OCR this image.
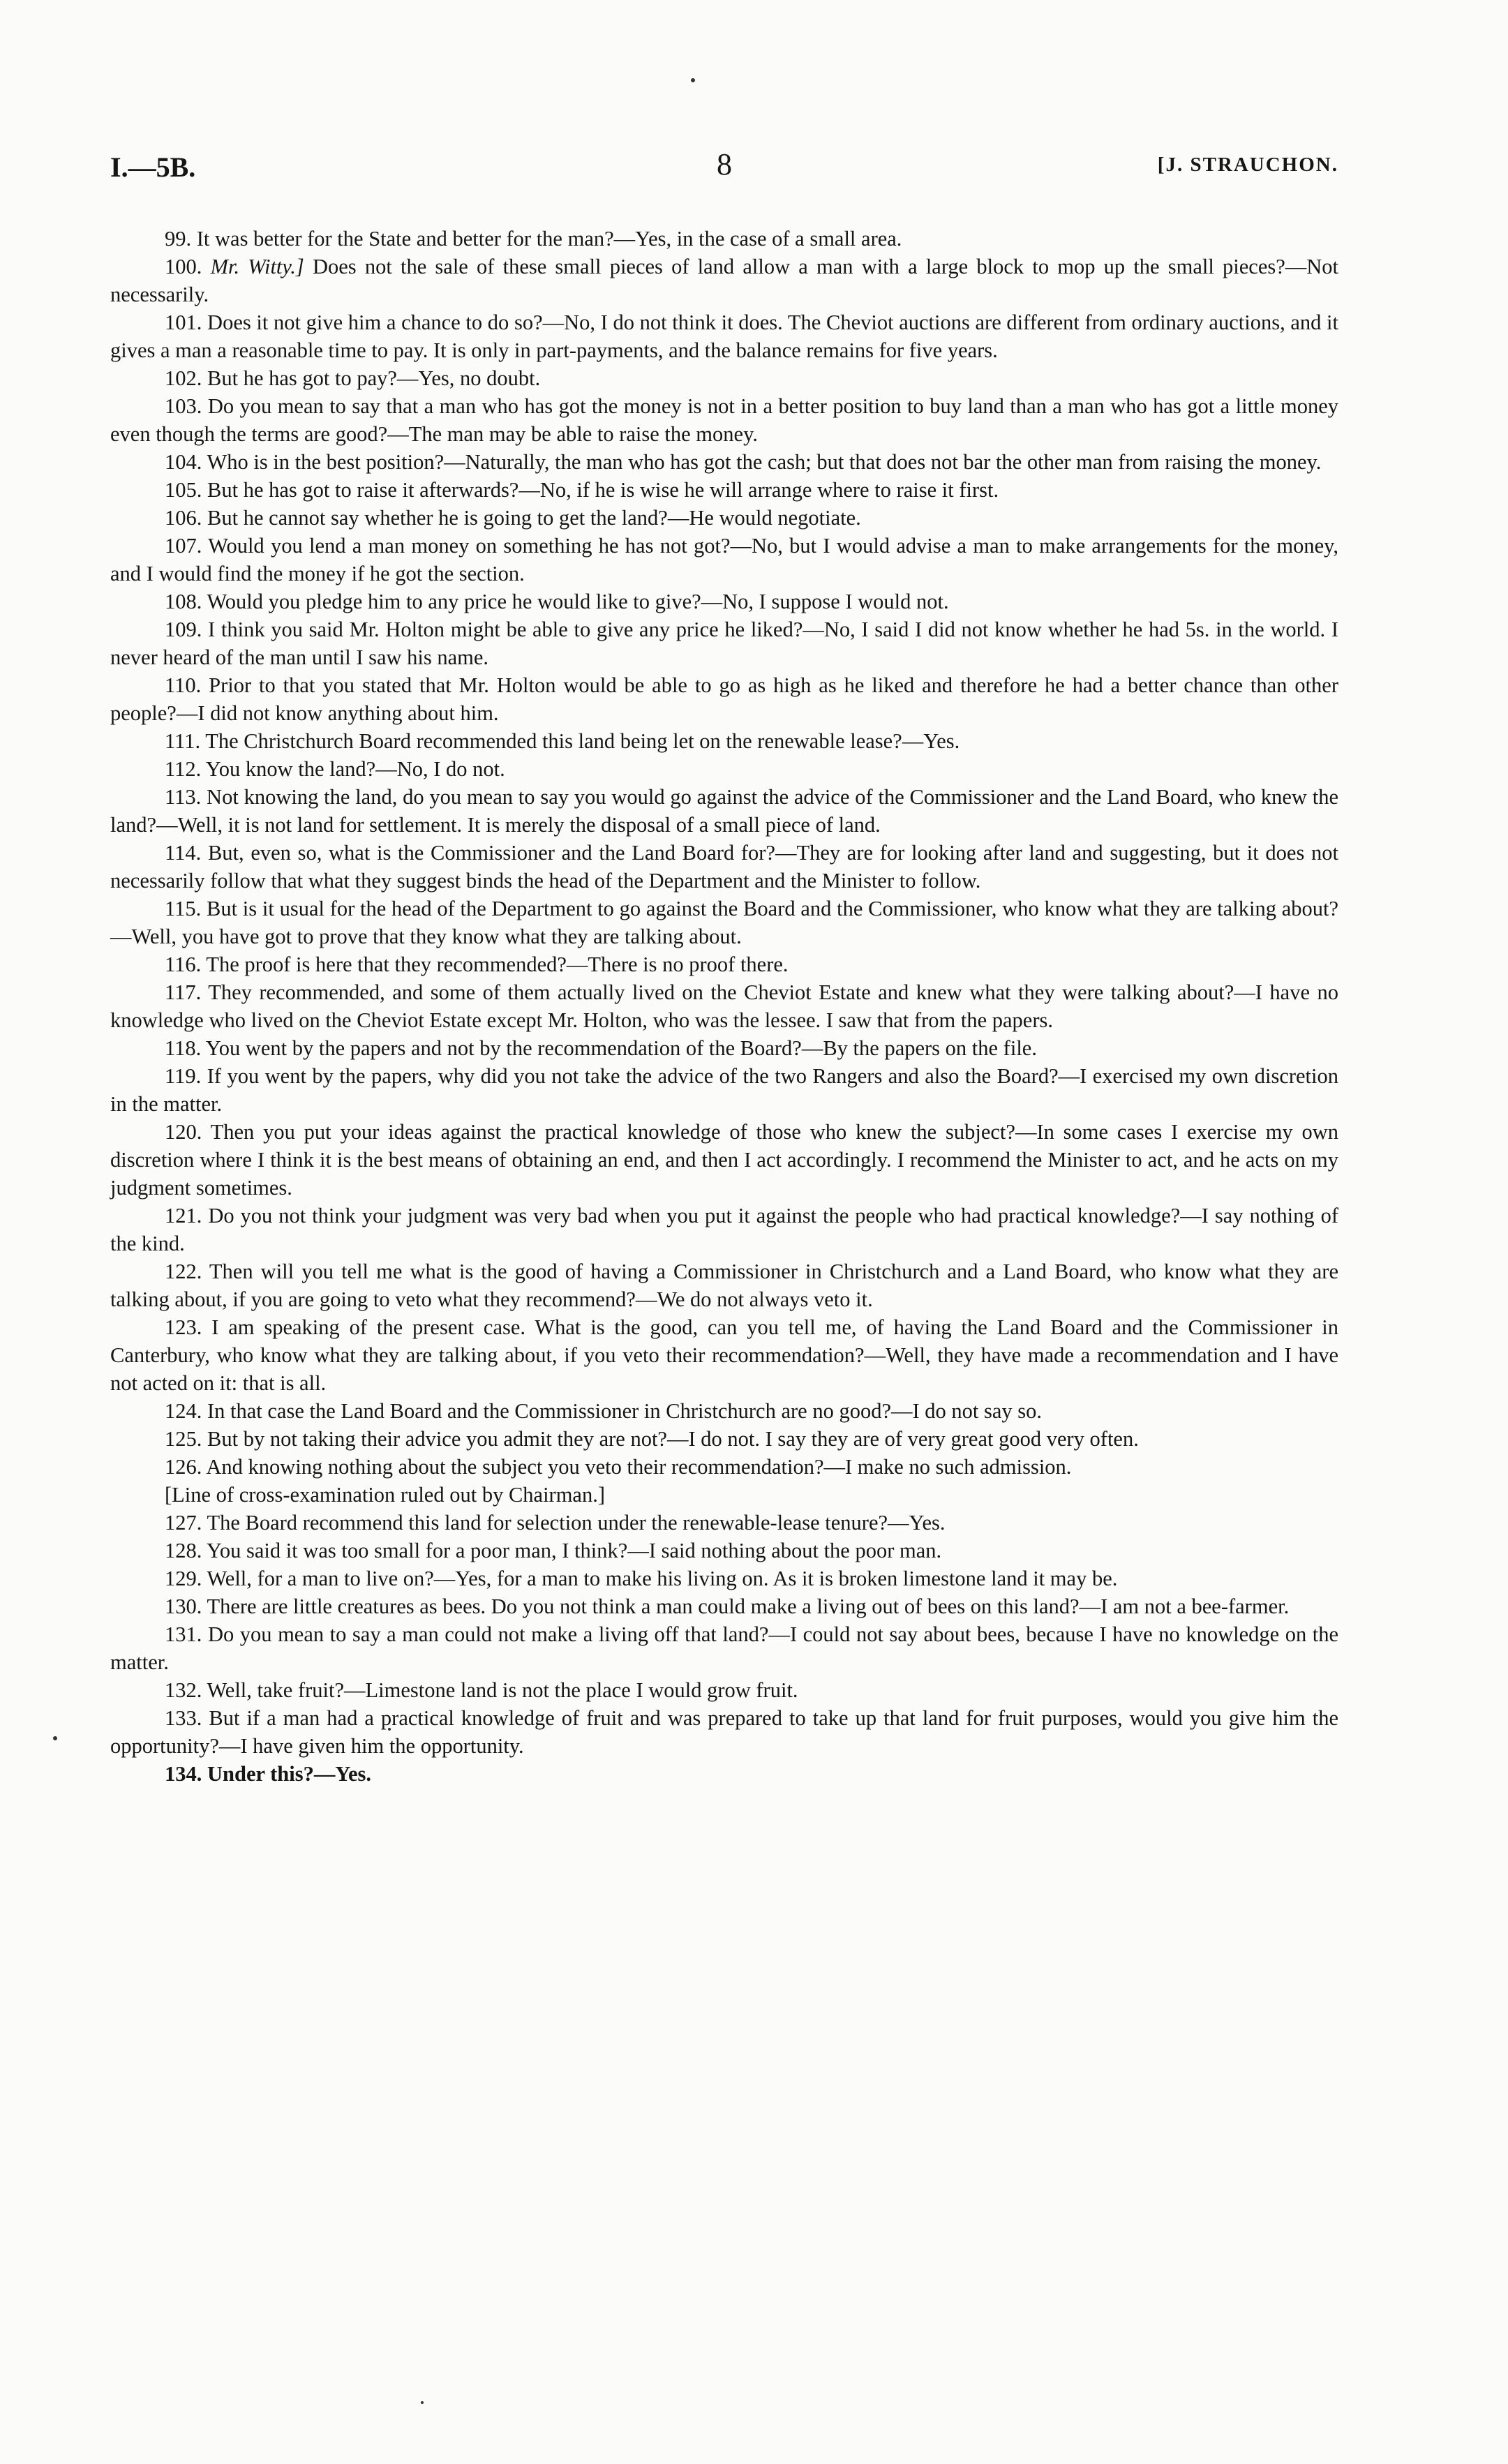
I.—5B.	8	[J. STRAUCHON.

99. It was better for the State and better for the man?—Yes, in the case of a small area.

100. Mr. Witty.] Does not the sale of these small pieces of land allow a man with a large block to mop up the small pieces?—Not necessarily.

101. Does it not give him a chance to do so?—No, I do not think it does. The Cheviot auctions are different from ordinary auctions, and it gives a man a reasonable time to pay. It is only in part-payments, and the balance remains for five years.

102. But he has got to pay?—Yes, no doubt.

103. Do you mean to say that a man who has got the money is not in a better position to buy land than a man who has got a little money even though the terms are good?—The man may be able to raise the money.

104. Who is in the best position?—Naturally, the man who has got the cash; but that does not bar the other man from raising the money.

105. But he has got to raise it afterwards?—No, if he is wise he will arrange where to raise it first.

106. But he cannot say whether he is going to get the land?—He would negotiate.

107. Would you lend a man money on something he has not got?—No, but I would advise a man to make arrangements for the money, and I would find the money if he got the section.

108. Would you pledge him to any price he would like to give?—No, I suppose I would not.

109. I think you said Mr. Holton might be able to give any price he liked?—No, I said I did not know whether he had 5s. in the world. I never heard of the man until I saw his name.

110. Prior to that you stated that Mr. Holton would be able to go as high as he liked and therefore he had a better chance than other people?—I did not know anything about him.

111. The Christchurch Board recommended this land being let on the renewable lease?—Yes.

112. You know the land?—No, I do not.

113. Not knowing the land, do you mean to say you would go against the advice of the Commissioner and the Land Board, who knew the land?—Well, it is not land for settlement. It is merely the disposal of a small piece of land.

114. But, even so, what is the Commissioner and the Land Board for?—They are for looking after land and suggesting, but it does not necessarily follow that what they suggest binds the head of the Department and the Minister to follow.

115. But is it usual for the head of the Department to go against the Board and the Commissioner, who know what they are talking about?—Well, you have got to prove that they know what they are talking about.

116. The proof is here that they recommended?—There is no proof there.

117. They recommended, and some of them actually lived on the Cheviot Estate and knew what they were talking about?—I have no knowledge who lived on the Cheviot Estate except Mr. Holton, who was the lessee. I saw that from the papers.

118. You went by the papers and not by the recommendation of the Board?—By the papers on the file.

119. If you went by the papers, why did you not take the advice of the two Rangers and also the Board?—I exercised my own discretion in the matter.

120. Then you put your ideas against the practical knowledge of those who knew the subject?—In some cases I exercise my own discretion where I think it is the best means of obtaining an end, and then I act accordingly. I recommend the Minister to act, and he acts on my judgment sometimes.

121. Do you not think your judgment was very bad when you put it against the people who had practical knowledge?—I say nothing of the kind.

122. Then will you tell me what is the good of having a Commissioner in Christchurch and a Land Board, who know what they are talking about, if you are going to veto what they recommend?—We do not always veto it.

123. I am speaking of the present case. What is the good, can you tell me, of having the Land Board and the Commissioner in Canterbury, who know what they are talking about, if you veto their recommendation?—Well, they have made a recommendation and I have not acted on it: that is all.

124. In that case the Land Board and the Commissioner in Christchurch are no good?—I do not say so.

125. But by not taking their advice you admit they are not?—I do not. I say they are of very great good very often.

126. And knowing nothing about the subject you veto their recommendation?—I make no such admission.

[Line of cross-examination ruled out by Chairman.]

127. The Board recommend this land for selection under the renewable-lease tenure?—Yes.

128. You said it was too small for a poor man, I think?—I said nothing about the poor man.

129. Well, for a man to live on?—Yes, for a man to make his living on. As it is broken limestone land it may be.

130. There are little creatures as bees. Do you not think a man could make a living out of bees on this land?—I am not a bee-farmer.

131. Do you mean to say a man could not make a living off that land?—I could not say about bees, because I have no knowledge on the matter.

132. Well, take fruit?—Limestone land is not the place I would grow fruit.

133. But if a man had a practical knowledge of fruit and was prepared to take up that land for fruit purposes, would you give him the opportunity?—I have given him the opportunity.

134. Under this?—Yes.
